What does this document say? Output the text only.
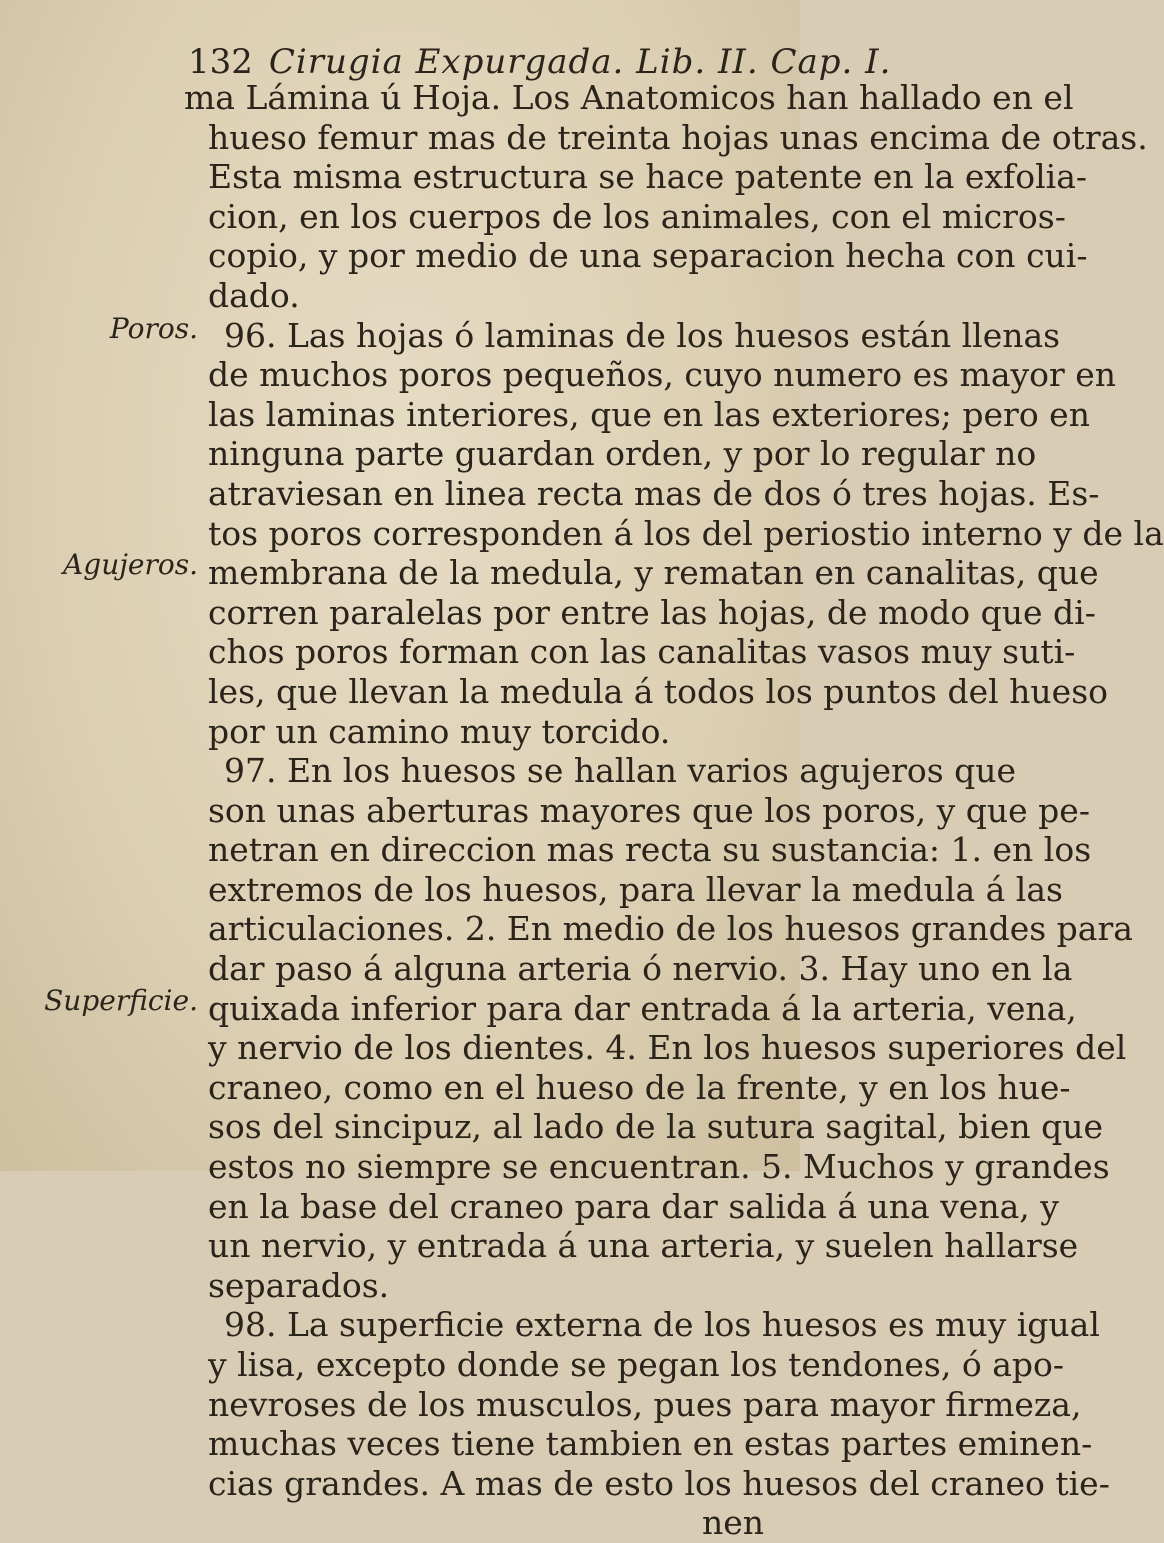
132 Cirugia Expurgada. Lib. II. Cap. I.
Poros.
Agujeros.
Superficie.
ma Lámina ú Hoja. Los Anatomicos han hallado en el
hueso femur mas de treinta hojas unas encima de otras.
Esta misma estructura se hace patente en la exfolia-
cion, en los cuerpos de los animales, con el micros-
copio, y por medio de una separacion hecha con cui-
dado.
96. Las hojas ó laminas de los huesos están llenas
de muchos poros pequeños, cuyo numero es mayor en
las laminas interiores, que en las exteriores; pero en
ninguna parte guardan orden, y por lo regular no
atraviesan en linea recta mas de dos ó tres hojas. Es-
tos poros corresponden á los del periostio interno y de la
membrana de la medula, y rematan en canalitas, que
corren paralelas por entre las hojas, de modo que di-
chos poros forman con las canalitas vasos muy suti-
les, que llevan la medula á todos los puntos del hueso
por un camino muy torcido.
97. En los huesos se hallan varios agujeros que
son unas aberturas mayores que los poros, y que pe-
netran en direccion mas recta su sustancia: 1. en los
extremos de los huesos, para llevar la medula á las
articulaciones. 2. En medio de los huesos grandes para
dar paso á alguna arteria ó nervio. 3. Hay uno en la
quixada inferior para dar entrada á la arteria, vena,
y nervio de los dientes. 4. En los huesos superiores del
craneo, como en el hueso de la frente, y en los hue-
sos del sincipuz, al lado de la sutura sagital, bien que
estos no siempre se encuentran. 5. Muchos y grandes
en la base del craneo para dar salida á una vena, y
un nervio, y entrada á una arteria, y suelen hallarse
separados.
98. La superficie externa de los huesos es muy igual
y lisa, excepto donde se pegan los tendones, ó apo-
nevroses de los musculos, pues para mayor firmeza,
muchas veces tiene tambien en estas partes eminen-
cias grandes. A mas de esto los huesos del craneo tie-
nen
